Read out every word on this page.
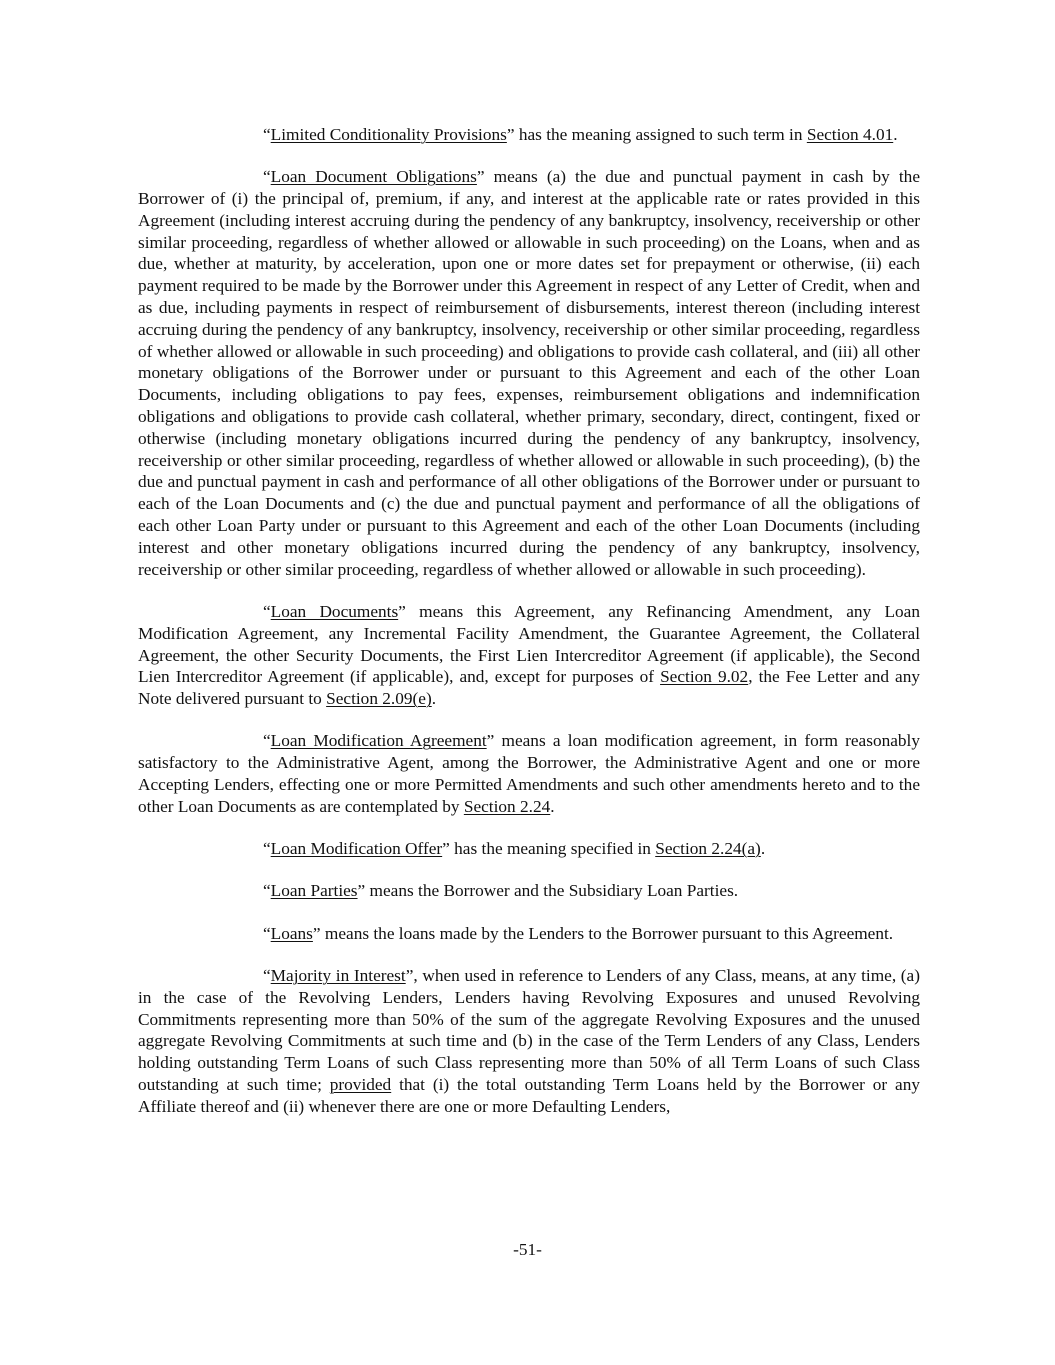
“Limited Conditionality Provisions” has the meaning assigned to such term in Section 4.01.

“Loan Document Obligations” means (a) the due and punctual payment in cash by the Borrower of (i) the principal of, premium, if any, and interest at the applicable rate or rates provided in this Agreement (including interest accruing during the pendency of any bankruptcy, insolvency, receivership or other similar proceeding, regardless of whether allowed or allowable in such proceeding) on the Loans, when and as due, whether at maturity, by acceleration, upon one or more dates set for prepayment or otherwise, (ii) each payment required to be made by the Borrower under this Agreement in respect of any Letter of Credit, when and as due, including payments in respect of reimbursement of disbursements, interest thereon (including interest accruing during the pendency of any bankruptcy, insolvency, receivership or other similar proceeding, regardless of whether allowed or allowable in such proceeding) and obligations to provide cash collateral, and (iii) all other monetary obligations of the Borrower under or pursuant to this Agreement and each of the other Loan Documents, including obligations to pay fees, expenses, reimbursement obligations and indemnification obligations and obligations to provide cash collateral, whether primary, secondary, direct, contingent, fixed or otherwise (including monetary obligations incurred during the pendency of any bankruptcy, insolvency, receivership or other similar proceeding, regardless of whether allowed or allowable in such proceeding), (b) the due and punctual payment in cash and performance of all other obligations of the Borrower under or pursuant to each of the Loan Documents and (c) the due and punctual payment and performance of all the obligations of each other Loan Party under or pursuant to this Agreement and each of the other Loan Documents (including interest and other monetary obligations incurred during the pendency of any bankruptcy, insolvency, receivership or other similar proceeding, regardless of whether allowed or allowable in such proceeding).

“Loan Documents” means this Agreement, any Refinancing Amendment, any Loan Modification Agreement, any Incremental Facility Amendment, the Guarantee Agreement, the Collateral Agreement, the other Security Documents, the First Lien Intercreditor Agreement (if applicable), the Second Lien Intercreditor Agreement (if applicable), and, except for purposes of Section 9.02, the Fee Letter and any Note delivered pursuant to Section 2.09(e).

“Loan Modification Agreement” means a loan modification agreement, in form reasonably satisfactory to the Administrative Agent, among the Borrower, the Administrative Agent and one or more Accepting Lenders, effecting one or more Permitted Amendments and such other amendments hereto and to the other Loan Documents as are contemplated by Section 2.24.

“Loan Modification Offer” has the meaning specified in Section 2.24(a).

“Loan Parties” means the Borrower and the Subsidiary Loan Parties.

“Loans” means the loans made by the Lenders to the Borrower pursuant to this Agreement.

“Majority in Interest”, when used in reference to Lenders of any Class, means, at any time, (a) in the case of the Revolving Lenders, Lenders having Revolving Exposures and unused Revolving Commitments representing more than 50% of the sum of the aggregate Revolving Exposures and the unused aggregate Revolving Commitments at such time and (b) in the case of the Term Lenders of any Class, Lenders holding outstanding Term Loans of such Class representing more than 50% of all Term Loans of such Class outstanding at such time; provided that (i) the total outstanding Term Loans held by the Borrower or any Affiliate thereof and (ii) whenever there are one or more Defaulting Lenders,

-51-
